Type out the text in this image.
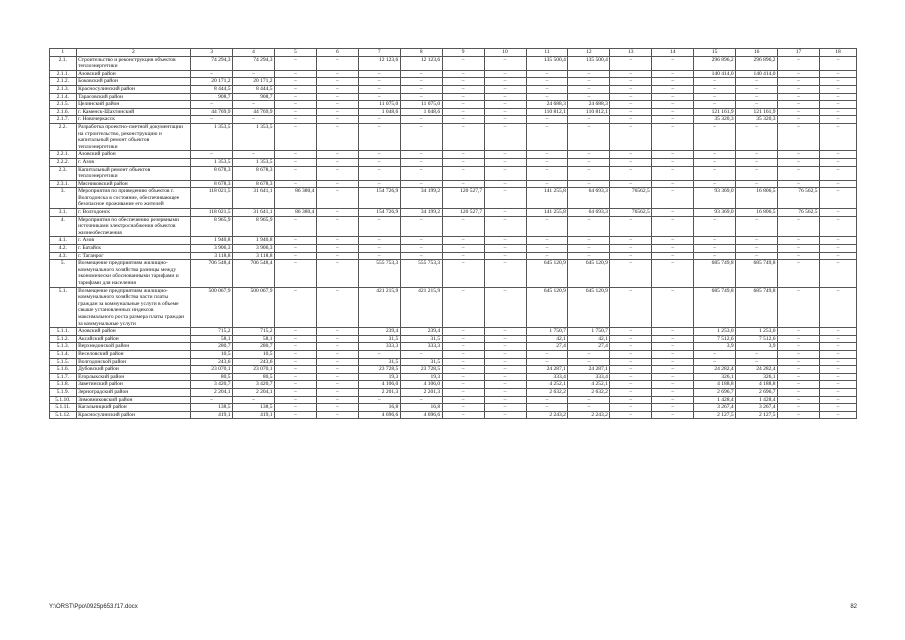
1	2	3	4	5	6	7	8	9	10	11	12	13	14	15	16	17	18
2.1.	Строительство и реконструкция объектов теплоэнергетики	74 294,3	74 294,3	–	–	12 123,6	12 123,6	–	–	135 500,4	135 500,4	–	–	296 896,2	296 896,2	–	–
2.1.1.	Азовский район	–	–	–	–	–	–	–	–	–	–	–	–	140 414,0	140 414,0	–	–
2.1.2.	Боковский район	20 171,2	20 171,2	–	–	–	–	–	–	–	–	–	–	–	–	–	–
2.1.3.	Красносулинский район	8 444,5	8 444,5	–	–	–	–	–	–	–	–	–	–	–	–	–	–
2.1.4.	Тарасовский район	908,7	908,7	–	–	–	–	–	–	–	–	–	–	–	–	–	–
2.1.5.	Целинский район	–	–	–	–	11 075,0	11 075,0	–	–	24 688,3	24 688,3	–	–	–	–	–	–
2.1.6.	г. Каменск-Шахтинский	44 769,9	44 769,9	–	–	1 048,6	1 048,6	–	–	110 812,1	110 812,1	–	–	121 161,9	121 161,9	–	–
2.1.7.	г. Новочеркасск	–	–	–	–	–	–	–	–	–	–	–	–	35 320,3	35 320,3	–	–
2.2.	Разработка проектно-сметной документации на строительство, реконструкцию и капитальный ремонт объектов теплоэнергетики	1 353,5	1 353,5	–	–	–	–	–	–	–	–	–	–	–	–	–	–
2.2.1.	Азовский район	–	–	–	–	–	–	–	–	–	–	–	–	–	–	–	–
2.2.2.	г. Азов	1 353,5	1 353,5	–	–	–	–	–	–	–	–	–	–	–	–	–	–
2.3.	Капитальный ремонт объектов теплоэнергетики	8 678,3	8 678,3	–	–	–	–	–	–	–	–	–	–	–	–	–	–
2.3.1.	Мясниковский район	8 678,3	8 678,3	–	–	–	–	–	–	–	–	–	–	–	–	–	–
3.	Мероприятия по приведению объектов г. Волгодонска в состояние, обеспечивающее безопасное проживание его жителей	118 021,5	31 641,1	86 380,4	–	154 726,9	34 199,2	120 527,7	–	141 255,8	64 693,3	76562,5	–	93 369,0	16 806,5	76 562,5	–
3.1.	г. Волгодонск	118 021,5	31 641,1	86 380,4	–	154 726,9	34 199,2	120 527,7	–	141 255,8	64 693,3	76562,5	–	93 369,0	16 806,5	76 562,5	–
4.	Мероприятия по обеспечению резервными источниками электроснабжения объектов жизнеобеспечения	8 965,9	8 965,9	–	–	–	–	–	–	–	–	–	–	–	–	–	–
4.1.	г. Азов	1 940,8	1 940,8	–	–	–	–	–	–	–	–	–	–	–	–	–	–
4.2.	г. Батайск	3 906,3	3 906,3	–	–	–	–	–	–	–	–	–	–	–	–	–	–
4.3.	г. Таганрог	3 118,8	3 118,8	–	–	–	–	–	–	–	–	–	–	–	–	–	–
5.	Возмещение предприятиям жилищно-коммунального хозяйства разницы между экономически обоснованными тарифами и тарифами для населения	706 548,4	706 548,4	–	–	555 753,3	555 753,3	–	–	645 120,9	645 120,9	–	–	685 749,8	685 749,8	–	–
5.1.	Возмещение предприятиям жилищно-коммунального хозяйства части платы граждан за коммунальные услуги в объеме свыше установленных индексов максимального роста размера платы граждан за коммунальные услуги	500 067,9	500 067,9	–	–	421 215,9	421 215,9	–	–	645 120,9	645 120,9	–	–	685 749,8	685 749,8	–	–
5.1.1.	Азовский район	715,2	715,2	–	–	239,4	239,4	–	–	1 750,7	1 750,7	–	–	1 253,0	1 253,0	–	–
5.1.2.	Аксайский район	58,1	58,1	–	–	31,5	31,5	–	–	42,1	42,1	–	–	7 512,6	7 512,6	–	–
5.1.3.	Верхнедонской район	280,7	280,7	–	–	333,3	333,3	–	–	27,4	27,4	–	–	3,9	3,9	–	–
5.1.4.	Веселовский район	10,5	10,5	–	–	–	–	–	–	–	–	–	–	–	–	–	–
5.1.5.	Волгодонской район	243,6	243,6	–	–	31,5	31,5	–	–	–	–	–	–	–	–	–	–
5.1.6.	Дубовский район	23 070,1	23 070,1	–	–	23 728,5	23 728,5	–	–	24 287,1	24 287,1	–	–	24 282,4	24 282,4	–	–
5.1.7.	Егорлыкский район	80,5	80,5	–	–	19,3	19,3	–	–	333,4	333,4	–	–	326,1	326,1	–	–
5.1.8.	Заветинский район	3 420,7	3 420,7	–	–	4 106,0	4 106,0	–	–	4 252,1	4 252,1	–	–	4 188,8	4 188,8	–	–
5.1.9.	Зерноградский район	2 204,1	2 204,1	–	–	2 201,3	2 201,3	–	–	2 632,2	2 632,2	–	–	2 696,7	2 696,7	–	–
5.1.10.	Зимовниковский район	–	–	–	–	–	–	–	–	–	–	–	–	1 428,4	1 428,4	–	–
5.1.11.	Кагальницкий район	138,5	138,5	–	–	16,8	16,8	–	–	–	–	–	–	3 267,4	3 267,4	–	–
5.1.12.	Красносулинский район	419,1	419,1	–	–	4 696,6	4 696,6	–	–	2 243,2	2 243,2	–	–	2 127,5	2 127,5	–	–
Y:\ORST\Ppo\0925p653.f17.docx	82
